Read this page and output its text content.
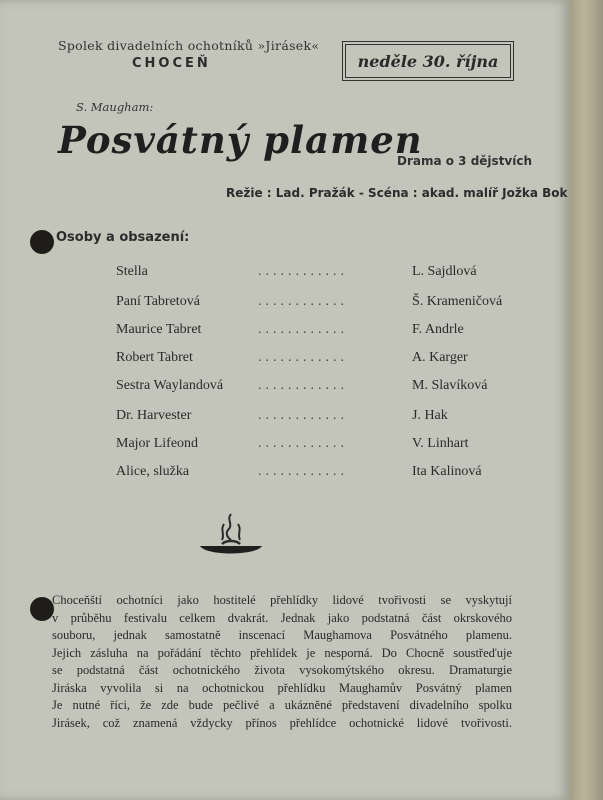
Spolek divadelních ochotníků »Jirásek«
CHOCEŇ	neděle 30. října
S. Maugham:
Posvátný plamen
Drama o 3 dějstvích
Režie : Lad. Pražák - Scéna : akad. malíř Jožka Bok
Osoby a obsazení:
Stella	............	L. Sajdlová
Paní Tabretová	............	Š. Krameničová
Maurice Tabret	............	F. Andrle
Robert Tabret	............	A. Karger
Sestra Waylandová ............	M. Slavíková
Dr. Harvester	............	J. Hak
Major Lifeond	............	V. Linhart
Alice, služka	............	Ita Kalinová
Choceňští ochotníci jako hostitelé přehlídky lidové tvořivosti se vyskytují
v průběhu festivalu celkem dvakrát. Jednak jako podstatná část okrskového
souboru, jednak samostatně inscenací Maughamova Posvátného plamenu.
Jejich zásluha na pořádání těchto přehlídek je nesporná. Do Chocně soustřeďuje
se podstatná část ochotnického života vysokomýtského okresu. Dramaturgie
Jiráska vyvolila si na ochotnickou přehlídku Maughamův Posvátný plamen
Je nutné říci, že zde bude pečlivé a ukázněné představení divadelního spolku
Jirásek, což znamená vždycky přínos přehlídce ochotnické lidové tvořivosti.
